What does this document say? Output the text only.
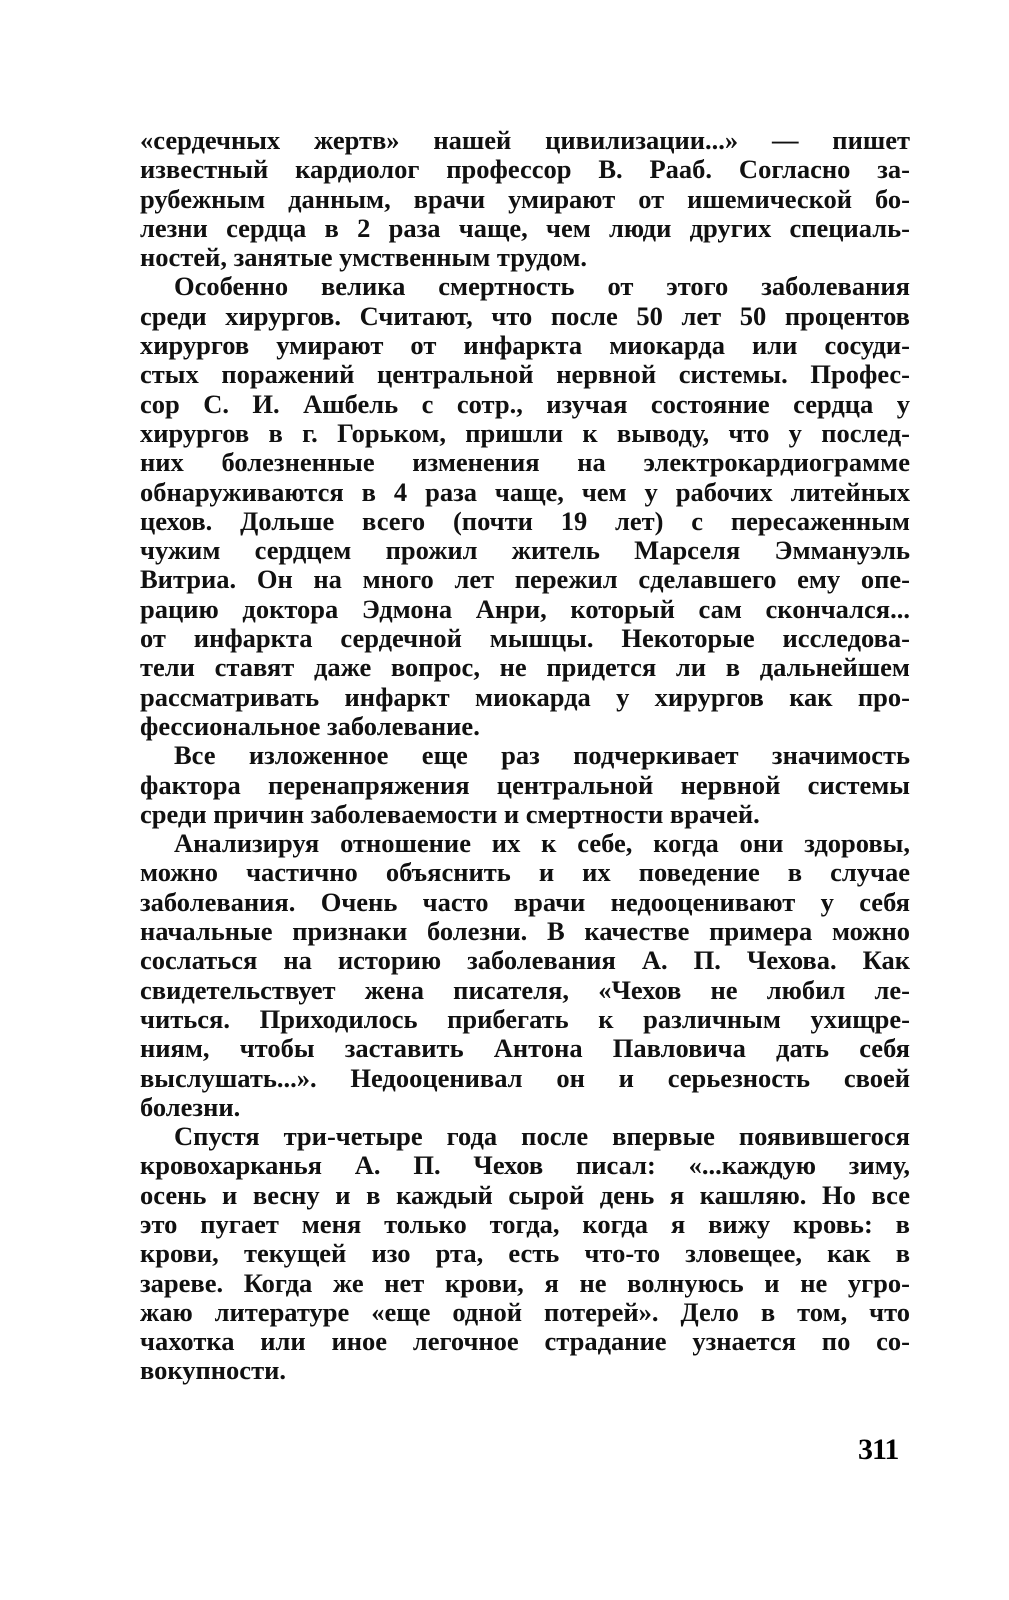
«сердечных жертв» нашей цивилизации...» — пишет
известный кардиолог профессор В. Рааб. Согласно за-
рубежным данным, врачи умирают от ишемической бо-
лезни сердца в 2 раза чаще, чем люди других специаль-
ностей, занятые умственным трудом.

Особенно велика смертность от этого заболевания
среди хирургов. Считают, что после 50 лет 50 процентов
хирургов умирают от инфаркта миокарда или сосуди-
стых поражений центральной нервной системы. Профес-
сор С. И. Ашбель с сотр., изучая состояние сердца у
хирургов в г. Горьком, пришли к выводу, что у послед-
них болезненные изменения на электрокардиограмме
обнаруживаются в 4 раза чаще, чем у рабочих литейных
цехов. Дольше всего (почти 19 лет) с пересаженным
чужим сердцем прожил житель Марселя Эммануэль
Витриа. Он на много лет пережил сделавшего ему опе-
рацию доктора Эдмона Анри, который сам скончался...
от инфаркта сердечной мышцы. Некоторые исследова-
тели ставят даже вопрос, не придется ли в дальнейшем
рассматривать инфаркт миокарда у хирургов как про-
фессиональное заболевание.

Все изложенное еще раз подчеркивает значимость
фактора перенапряжения центральной нервной системы
среди причин заболеваемости и смертности врачей.

Анализируя отношение их к себе, когда они здоровы,
можно частично объяснить и их поведение в случае
заболевания. Очень часто врачи недооценивают у себя
начальные признаки болезни. В качестве примера можно
сослаться на историю заболевания А. П. Чехова. Как
свидетельствует жена писателя, «Чехов не любил ле-
читься. Приходилось прибегать к различным ухищре-
ниям, чтобы заставить Антона Павловича дать себя
выслушать...». Недооценивал он и серьезность своей
болезни.

Спустя три-четыре года после впервые появившегося
кровохарканья А. П. Чехов писал: «...каждую зиму,
осень и весну и в каждый сырой день я кашляю. Но все
это пугает меня только тогда, когда я вижу кровь: в
крови, текущей изо рта, есть что-то зловещее, как в
зареве. Когда же нет крови, я не волнуюсь и не угро-
жаю литературе «еще одной потерей». Дело в том, что
чахотка или иное легочное страдание узнается по со-
вокупности.

311
